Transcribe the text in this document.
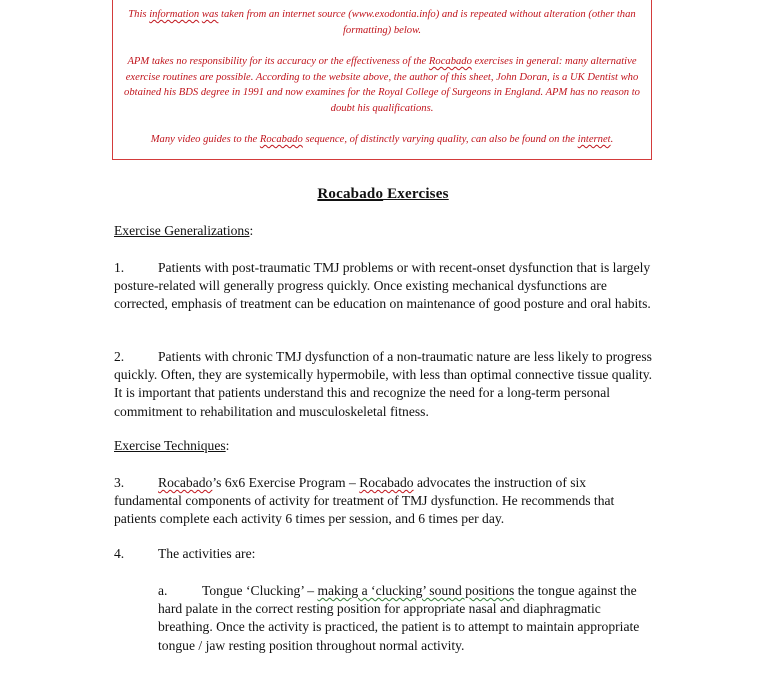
This information was taken from an internet source (www.exodontia.info) and is repeated without alteration (other than formatting) below.

APM takes no responsibility for its accuracy or the effectiveness of the Rocabado exercises in general: many alternative exercise routines are possible. According to the website above, the author of this sheet, John Doran, is a UK Dentist who obtained his BDS degree in 1991 and now examines for the Royal College of Surgeons in England. APM has no reason to doubt his qualifications.

Many video guides to the Rocabado sequence, of distinctly varying quality, can also be found on the internet.

Rocabado Exercises
Exercise Generalizations:
1. Patients with post-traumatic TMJ problems or with recent-onset dysfunction that is largely posture-related will generally progress quickly. Once existing mechanical dysfunctions are corrected, emphasis of treatment can be education on maintenance of good posture and oral habits.
2. Patients with chronic TMJ dysfunction of a non-traumatic nature are less likely to progress quickly. Often, they are systemically hypermobile, with less than optimal connective tissue quality. It is important that patients understand this and recognize the need for a long-term personal commitment to rehabilitation and musculoskeletal fitness.
Exercise Techniques:
3. Rocabado’s 6x6 Exercise Program – Rocabado advocates the instruction of six fundamental components of activity for treatment of TMJ dysfunction. He recommends that patients complete each activity 6 times per session, and 6 times per day.
4. The activities are:
a.	Tongue ‘Clucking’ – making a ‘clucking’ sound positions the tongue against the hard palate in the correct resting position for appropriate nasal and diaphragmatic breathing. Once the activity is practiced, the patient is to attempt to maintain appropriate tongue / jaw resting position throughout normal activity.
